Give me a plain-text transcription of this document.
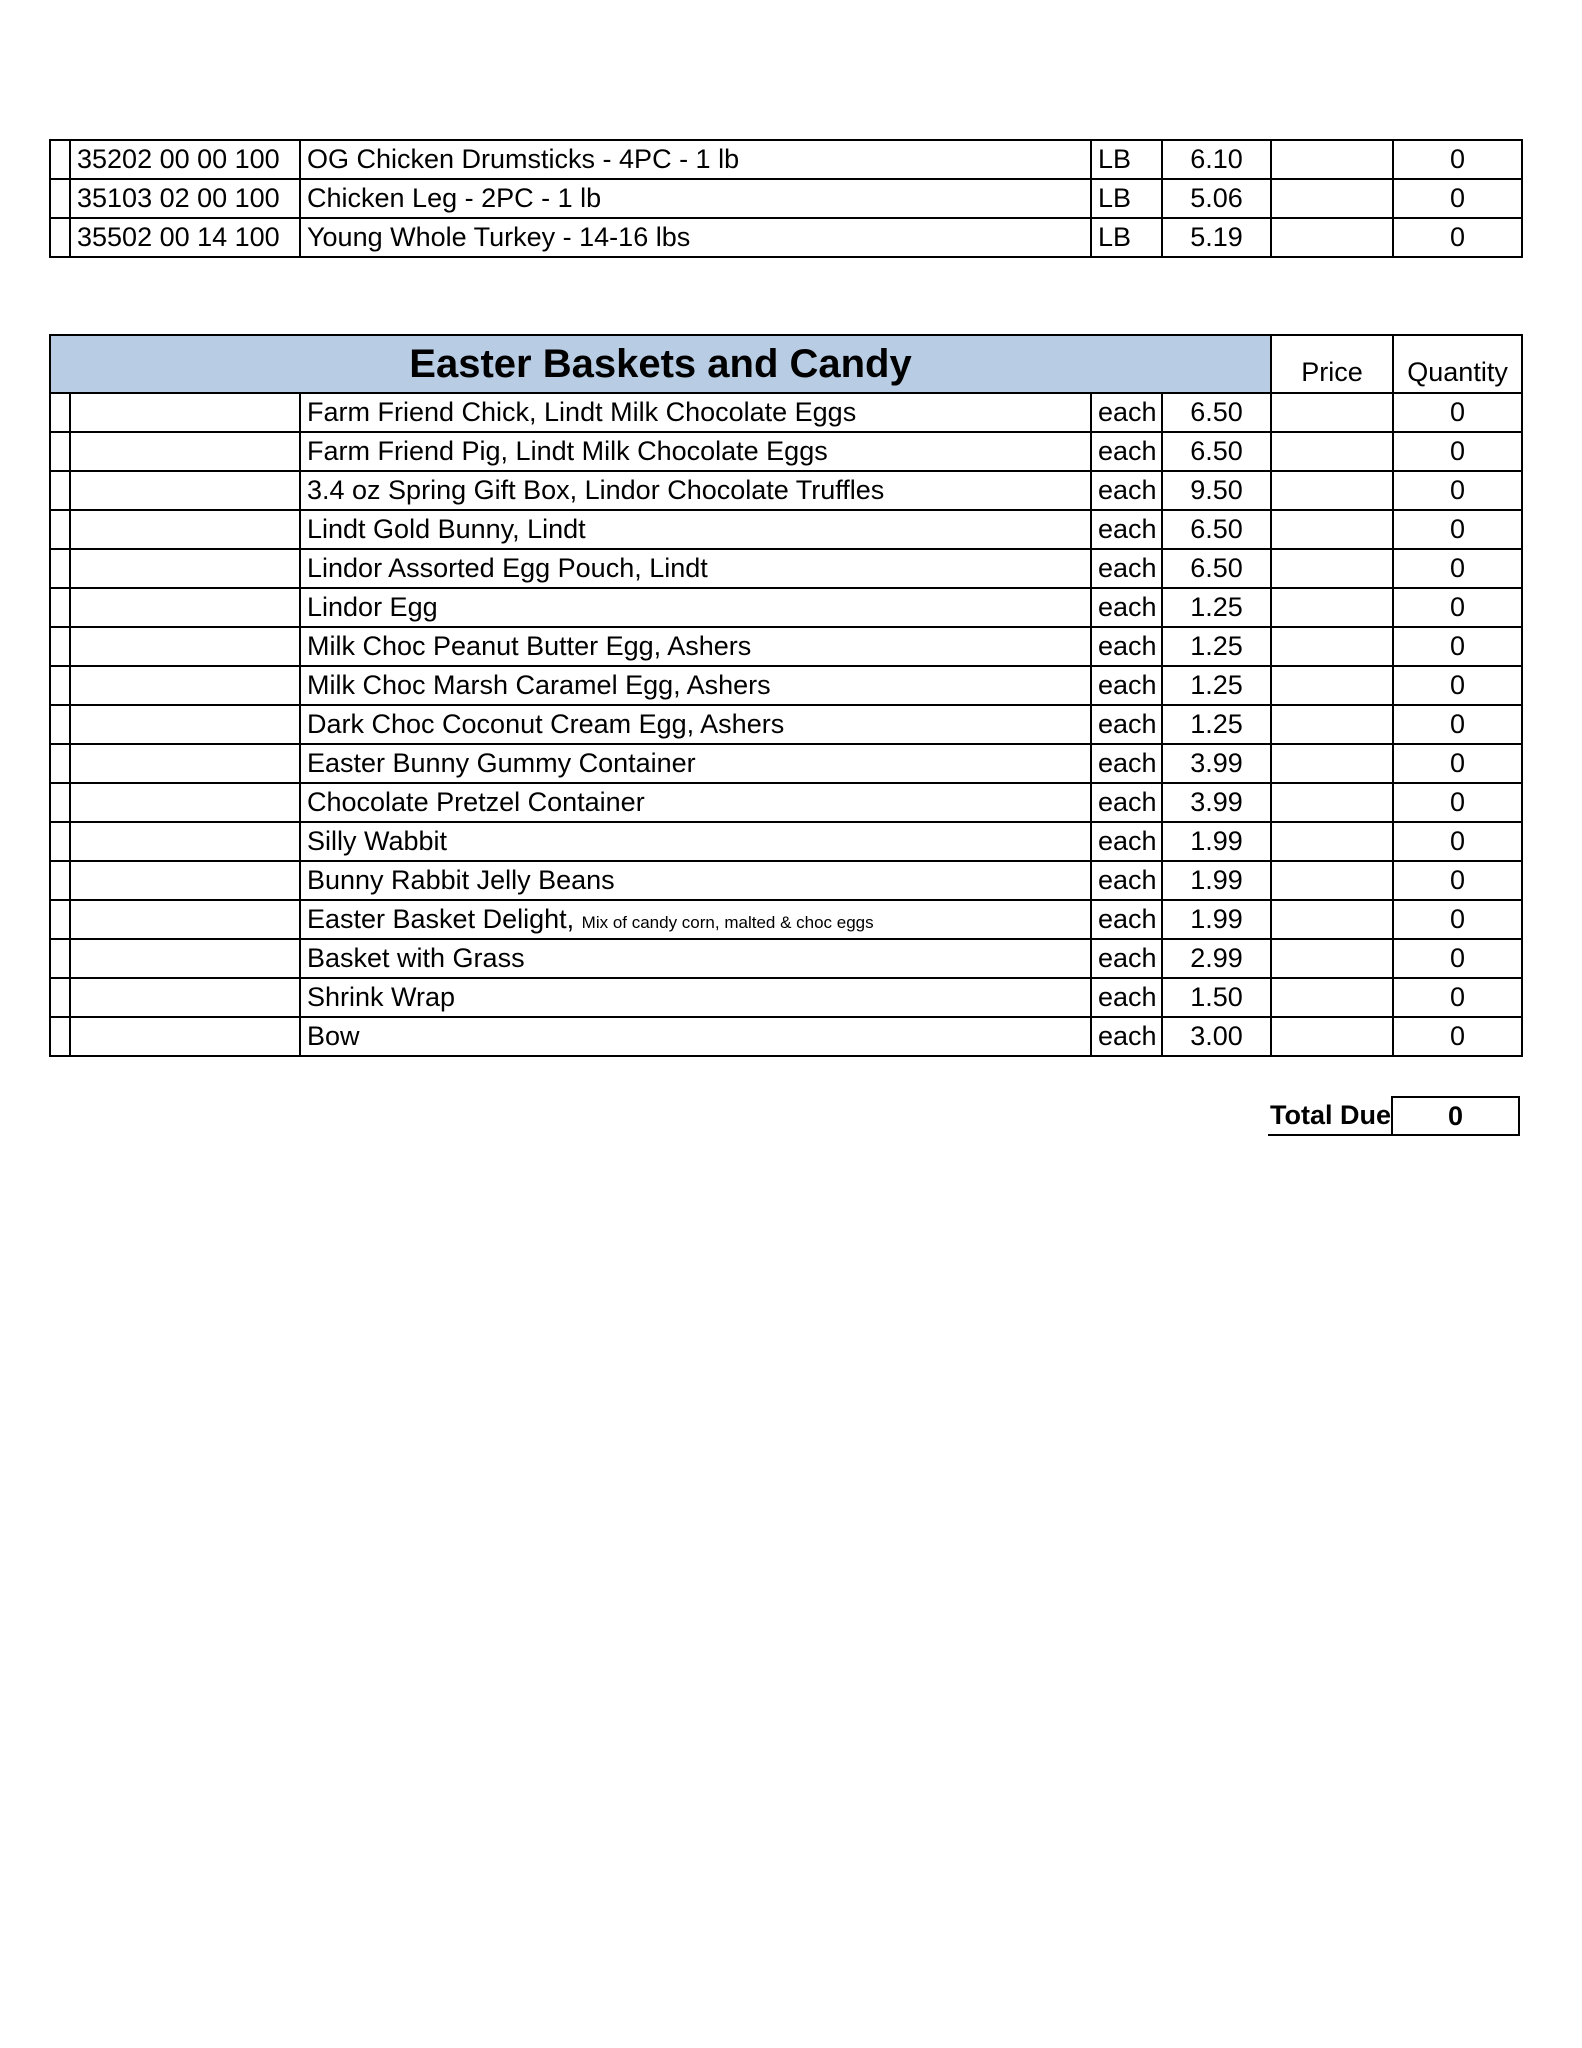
	35202 00 00 100	OG Chicken Drumsticks - 4PC - 1 lb	LB	6.10		0
	35103 02 00 100	Chicken Leg - 2PC - 1 lb	LB	5.06		0
	35502 00 14 100	Young Whole Turkey - 14-16 lbs	LB	5.19		0
Easter Baskets and Candy					Price	Quantity	
		Farm Friend Chick, Lindt Milk Chocolate Eggs	each	6.50		0	
		Farm Friend Pig, Lindt Milk Chocolate Eggs	each	6.50		0	
		3.4 oz Spring Gift Box, Lindor Chocolate Truffles	each	9.50		0	
		Lindt Gold Bunny, Lindt	each	6.50		0	
		Lindor Assorted Egg Pouch, Lindt	each	6.50		0	
		Lindor Egg	each	1.25		0	
		Milk Choc Peanut Butter Egg, Ashers	each	1.25		0	
		Milk Choc Marsh Caramel Egg, Ashers	each	1.25		0	
		Dark Choc Coconut Cream Egg, Ashers	each	1.25		0	
		Easter Bunny Gummy Container	each	3.99		0	
		Chocolate Pretzel Container	each	3.99		0	
		Silly Wabbit	each	1.99		0	
		Bunny Rabbit Jelly Beans	each	1.99		0	
		Easter Basket Delight, Mix of candy corn, malted & choc eggs	each	1.99		0	
		Basket with Grass	each	2.99		0	
		Shrink Wrap	each	1.50		0	
		Bow	each	3.00		0	
Total Due	0
